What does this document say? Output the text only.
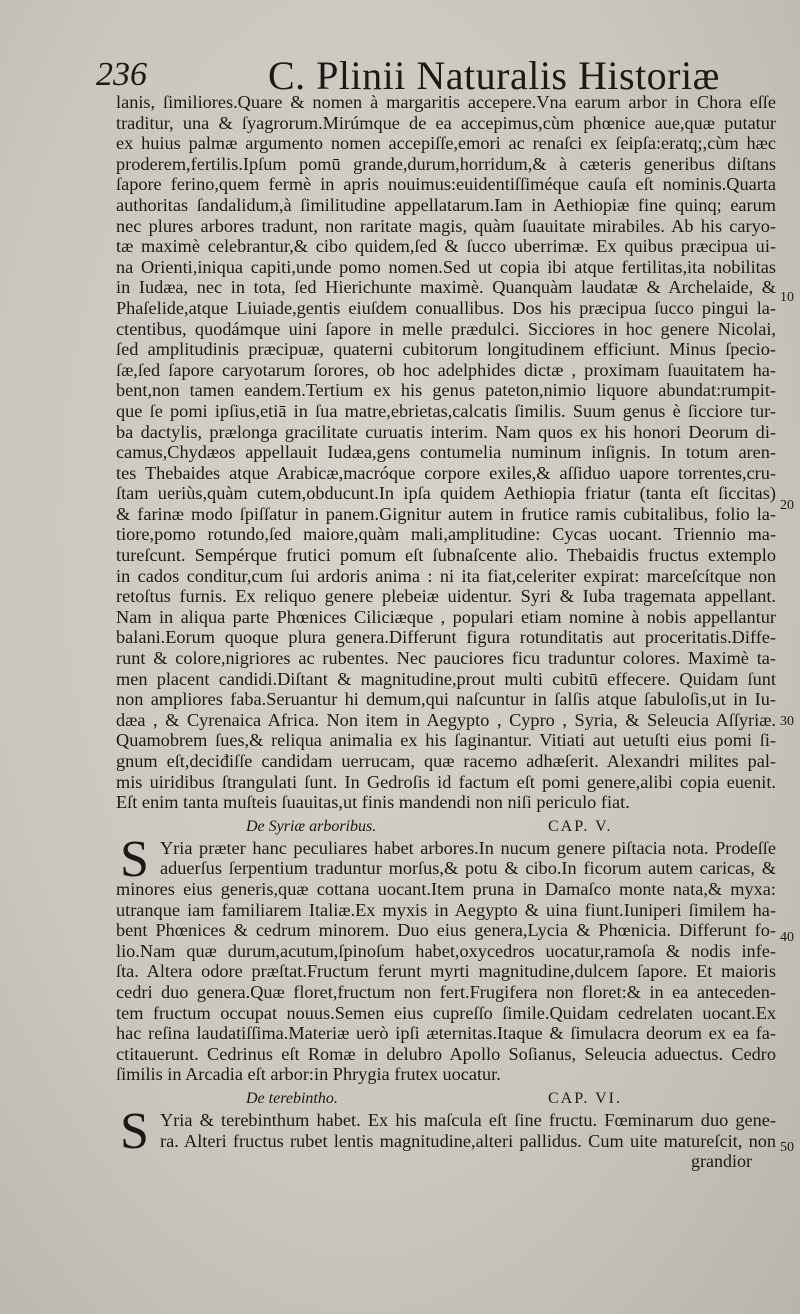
236	C. Plinii Naturalis Historiæ
lanis, ſimiliores.Quare & nomen à margaritis accepere.Vna earum arbor in Chora eſſe
traditur, una & ſyagrorum.Mirúmque de ea accepimus,cùm phœnice aue,quæ putatur
ex huius palmæ argumento nomen accepiſſe,emori ac renaſci ex ſeipſa:eratq;,cùm hæc
proderem,fertilis.Ipſum pomū grande,durum,horridum,& à cæteris generibus diſtans
ſapore ferino,quem fermè in apris nouimus:euidentiſſiméque cauſa eſt nominis.Quarta
authoritas ſandalidum,à ſimilitudine appellatarum.Iam in Aethiopiæ fine quinq; earum
nec plures arbores tradunt, non raritate magis, quàm ſuauitate mirabiles. Ab his caryo-
tæ maximè celebrantur,& cibo quidem,ſed & ſucco uberrimæ. Ex quibus præcipua ui-
na Orienti,iniqua capiti,unde pomo nomen.Sed ut copia ibi atque fertilitas,ita nobilitas
in Iudæa, nec in tota, ſed Hierichunte maximè. Quanquàm laudatæ & Archelaide, &
Phaſelide,atque Liuiade,gentis eiuſdem conuallibus. Dos his præcipua ſucco pingui la-
ctentibus, quodámque uini ſapore in melle prædulci. Sicciores in hoc genere Nicolai,
ſed amplitudinis præcipuæ, quaterni cubitorum longitudinem efficiunt. Minus ſpecio-
ſæ,ſed ſapore caryotarum ſorores, ob hoc adelphides dictæ , proximam ſuauitatem ha-
bent,non tamen eandem.Tertium ex his genus pateton,nimio liquore abundat:rumpit-
que ſe pomi ipſius,etiā in ſua matre,ebrietas,calcatis ſimilis. Suum genus è ſicciore tur-
ba dactylis, prælonga gracilitate curuatis interim. Nam quos ex his honori Deorum di-
camus,Chydæos appellauit Iudæa,gens contumelia numinum inſignis. In totum aren-
tes Thebaides atque Arabicæ,macróque corpore exiles,& aſſiduo uapore torrentes,cru-
ſtam ueriùs,quàm cutem,obducunt.In ipſa quidem Aethiopia friatur (tanta eſt ſiccitas)
& farinæ modo ſpiſſatur in panem.Gignitur autem in frutice ramis cubitalibus, folio la-
tiore,pomo rotundo,ſed maiore,quàm mali,amplitudine: Cycas uocant. Triennio ma-
tureſcunt. Sempérque frutici pomum eſt ſubnaſcente alio. Thebaidis fructus extemplo
in cados conditur,cum ſui ardoris anima : ni ita fiat,celeriter expirat: marceſcítque non
retoſtus furnis. Ex reliquo genere plebeiæ uidentur. Syri & Iuba tragemata appellant.
Nam in aliqua parte Phœnices Ciliciæque , populari etiam nomine à nobis appellantur
balani.Eorum quoque plura genera.Differunt figura rotunditatis aut proceritatis.Diffe-
runt & colore,nigriores ac rubentes. Nec pauciores ficu traduntur colores. Maximè ta-
men placent candidi.Diſtant & magnitudine,prout multi cubitū effecere. Quidam ſunt
non ampliores faba.Seruantur hi demum,qui naſcuntur in ſalſis atque ſabuloſis,ut in Iu-
dæa , & Cyrenaica Africa. Non item in Aegypto , Cypro , Syria, & Seleucia Aſſyriæ.
Quamobrem ſues,& reliqua animalia ex his ſaginantur. Vitiati aut uetuſti eius pomi ſi-
gnum eſt,deciđiſſe candidam uerrucam, quæ racemo adhæſerit. Alexandri milites pal-
mis uiridibus ſtrangulati ſunt. In Gedroſis id factum eſt pomi genere,alibi copia euenit.
Eſt enim tanta muſteis ſuauitas,ut finis mandendi non niſi periculo fiat.
De Syriæ arboribus.	CAP. V.
S Yria præter hanc peculiares habet arbores.In nucum genere piſtacia nota. Prodeſſe
aduerſus ſerpentium traduntur morſus,& potu & cibo.In ficorum autem caricas, &
minores eius generis,quæ cottana uocant.Item pruna in Damaſco monte nata,& myxa:
utranque iam familiarem Italiæ.Ex myxis in Aegypto & uina fiunt.Iuniperi ſimilem ha-
bent Phœnices & cedrum minorem. Duo eius genera,Lycia & Phœnicia. Differunt fo-
lio.Nam quæ durum,acutum,ſpinoſum habet,oxycedros uocatur,ramoſa & nodis infe-
ſta. Altera odore præſtat.Fructum ferunt myrti magnitudine,dulcem ſapore. Et maioris
cedri duo genera.Quæ floret,fructum non fert.Frugifera non floret:& in ea anteceden-
tem fructum occupat nouus.Semen eius cupreſſo ſimile.Quidam cedrelaten uocant.Ex
hac reſina laudatiſſima.Materiæ uerò ipſi æternitas.Itaque & ſimulacra deorum ex ea fa-
ctitauerunt. Cedrinus eſt Romæ in delubro Apollo Soſianus, Seleucia aduectus. Cedro
ſimilis in Arcadia eſt arbor:in Phrygia frutex uocatur.
De terebintho.	CAP. VI.
S Yria & terebinthum habet. Ex his maſcula eſt ſine fructu. Fœminarum duo gene-
ra. Alteri fructus rubet lentis magnitudine,alteri pallidus. Cum uite matureſcit, non
grandior
10
20
30
40
50
